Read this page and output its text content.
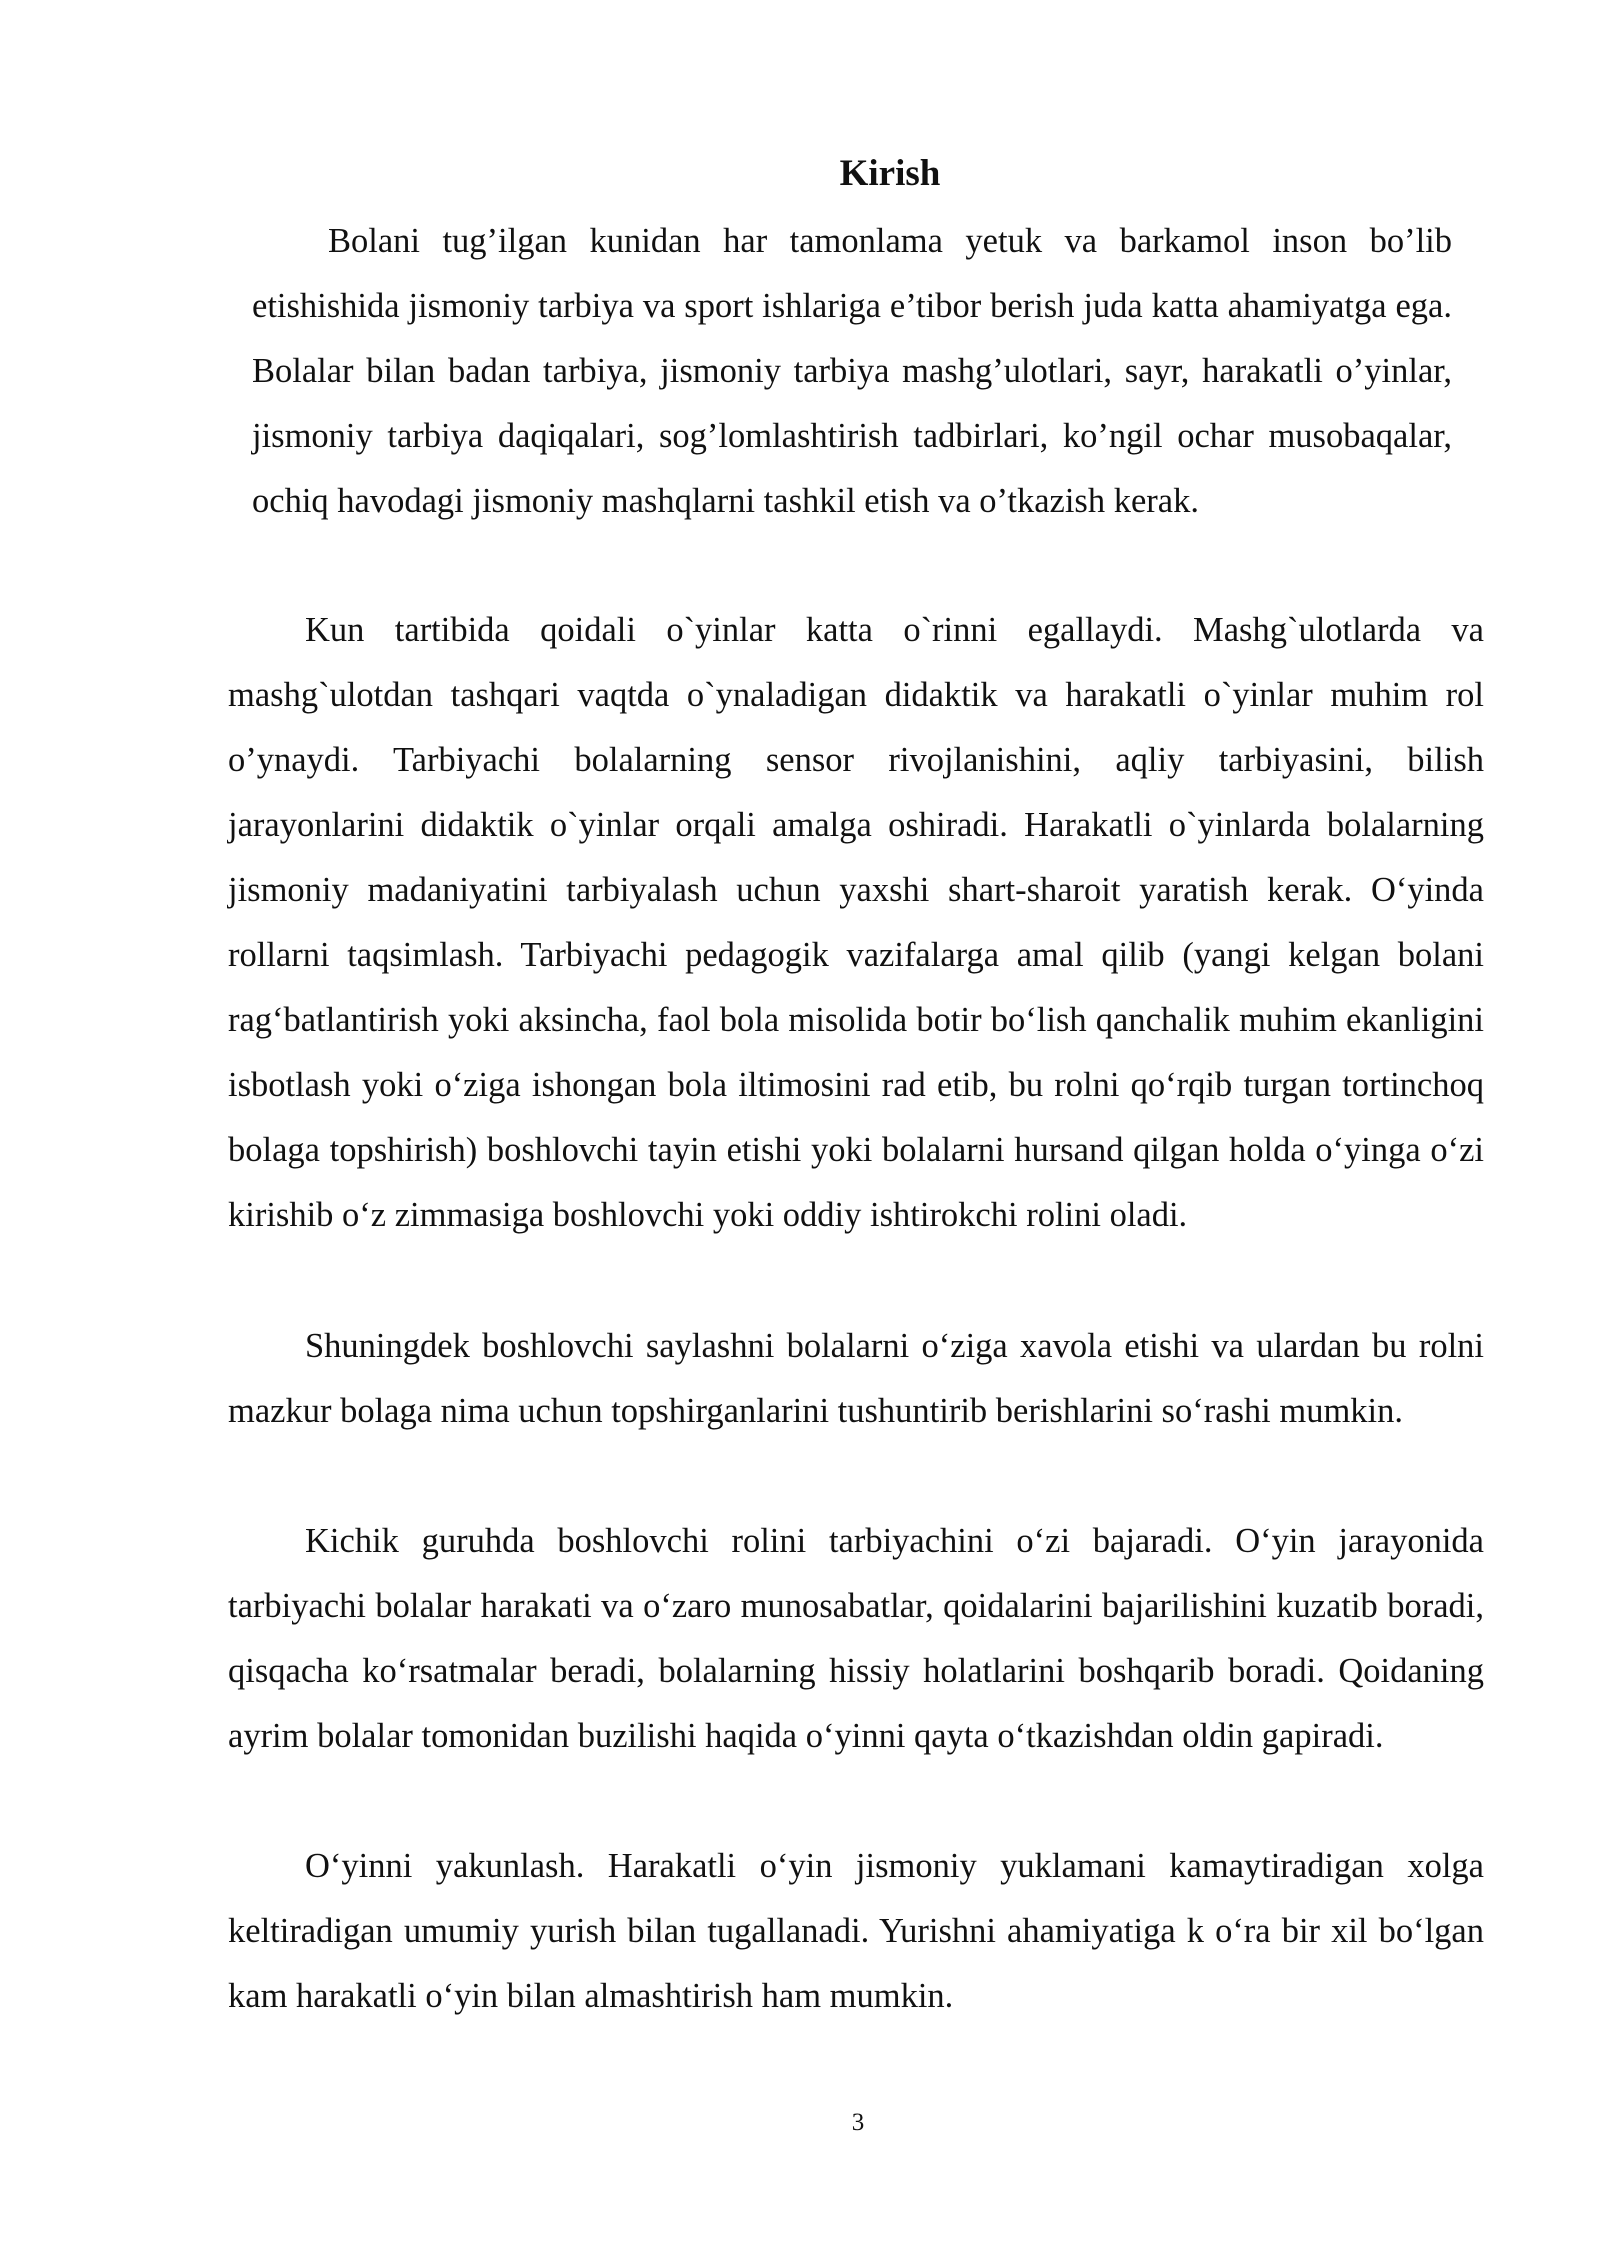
Kirish

Bolani tug’ilgan kunidan har tamonlama yetuk va barkamol inson bo’lib etishishida jismoniy tarbiya va sport ishlariga e’tibor berish juda katta ahamiyatga ega. Bolalar bilan badan tarbiya, jismoniy tarbiya mashg’ulotlari, sayr, harakatli o’yinlar, jismoniy tarbiya daqiqalari, sog’lomlashtirish tadbirlari, ko’ngil ochar musobaqalar, ochiq havodagi jismoniy mashqlarni tashkil etish va o’tkazish kerak.

Kun tartibida qoidali o`yinlar katta o`rinni egallaydi. Mashg`ulotlarda va mashg`ulotdan tashqari vaqtda o`ynaladigan didaktik va harakatli o`yinlar muhim rol o’ynaydi. Tarbiyachi bolalarning sensor rivojlanishini, aqliy tarbiyasini, bilish jarayonlarini didaktik o`yinlar orqali amalga oshiradi. Harakatli o`yinlarda bolalarning jismoniy madaniyatini tarbiyalash uchun yaxshi shart-sharoit yaratish kerak. O‘yinda rollarni taqsimlash. Tarbiyachi pedagogik vazifalarga amal qilib (yangi kelgan bolani rag‘batlantirish yoki aksincha, faol bola misolida botir bo‘lish qanchalik muhim ekanligini isbotlash yoki o‘ziga ishongan bola iltimosini rad etib, bu rolni qo‘rqib turgan tortinchoq bolaga topshirish) boshlovchi tayin etishi yoki bolalarni hursand qilgan holda o‘yinga o‘zi kirishib o‘z zimmasiga boshlovchi yoki oddiy ishtirokchi rolini oladi.

Shuningdek boshlovchi saylashni bolalarni o‘ziga xavola etishi va ulardan bu rolni mazkur bolaga nima uchun topshirganlarini tushuntirib berishlarini so‘rashi mumkin.

Kichik guruhda boshlovchi rolini tarbiyachini o‘zi bajaradi. O‘yin jarayonida tarbiyachi bolalar harakati va o‘zaro munosabatlar, qoidalarini bajarilishini kuzatib boradi, qisqacha ko‘rsatmalar beradi, bolalarning hissiy holatlarini boshqarib boradi. Qoidaning ayrim bolalar tomonidan buzilishi haqida o‘yinni qayta o‘tkazishdan oldin gapiradi.

O‘yinni yakunlash. Harakatli o‘yin jismoniy yuklamani kamaytiradigan xolga keltiradigan umumiy yurish bilan tugallanadi. Yurishni ahamiyatiga k o‘ra bir xil bo‘lgan kam harakatli o‘yin bilan almashtirish ham mumkin.

3
